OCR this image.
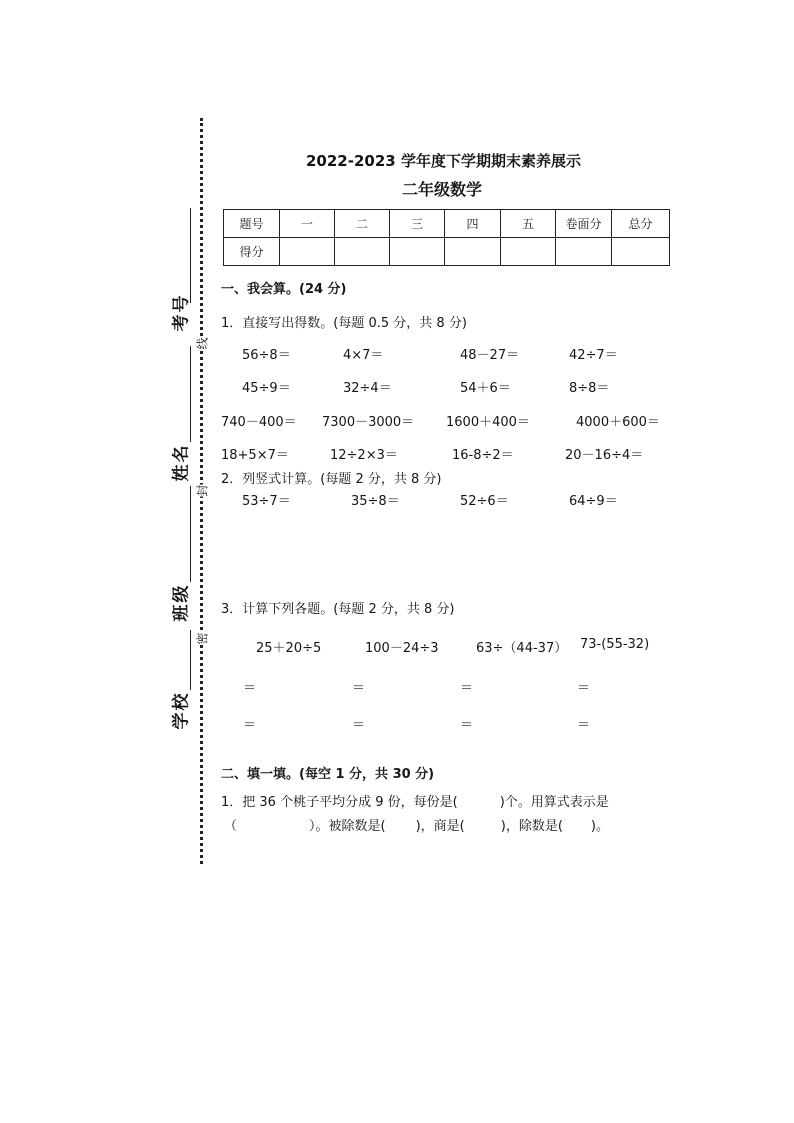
考号
姓名
班级
学校
线
封
密
2022-2023 学年度下学期期末素养展示
二年级数学
题号	一	二	三	四	五	卷面分	总分
得分							
一、我会算。(24 分)
1．直接写出得数。(每题 0.5 分，共 8 分)
56÷8＝	4×7＝	48－27＝	42÷7＝
45÷9＝	32÷4＝	54＋6＝	8÷8＝
740－400＝ 7300－3000＝ 1600＋400＝	4000＋600＝
18+5×7＝	12÷2×3＝	16-8÷2＝	20－16÷4＝
2．列竖式计算。(每题 2 分，共 8 分)
53÷7＝	35÷8＝	52÷6＝	64÷9＝
3．计算下列各题。(每题 2 分，共 8 分)
25＋20÷5	100－24÷3	63÷（44-37） 73-(55-32)
＝	＝	＝	＝
＝	＝	＝	＝
二、填一填。(每空 1 分，共 30 分)
1．把 36 个桃子平均分成 9 份，每份是(	)个。用算式表示是
（	）。被除数是( )，商是(	)，除数是( )。
